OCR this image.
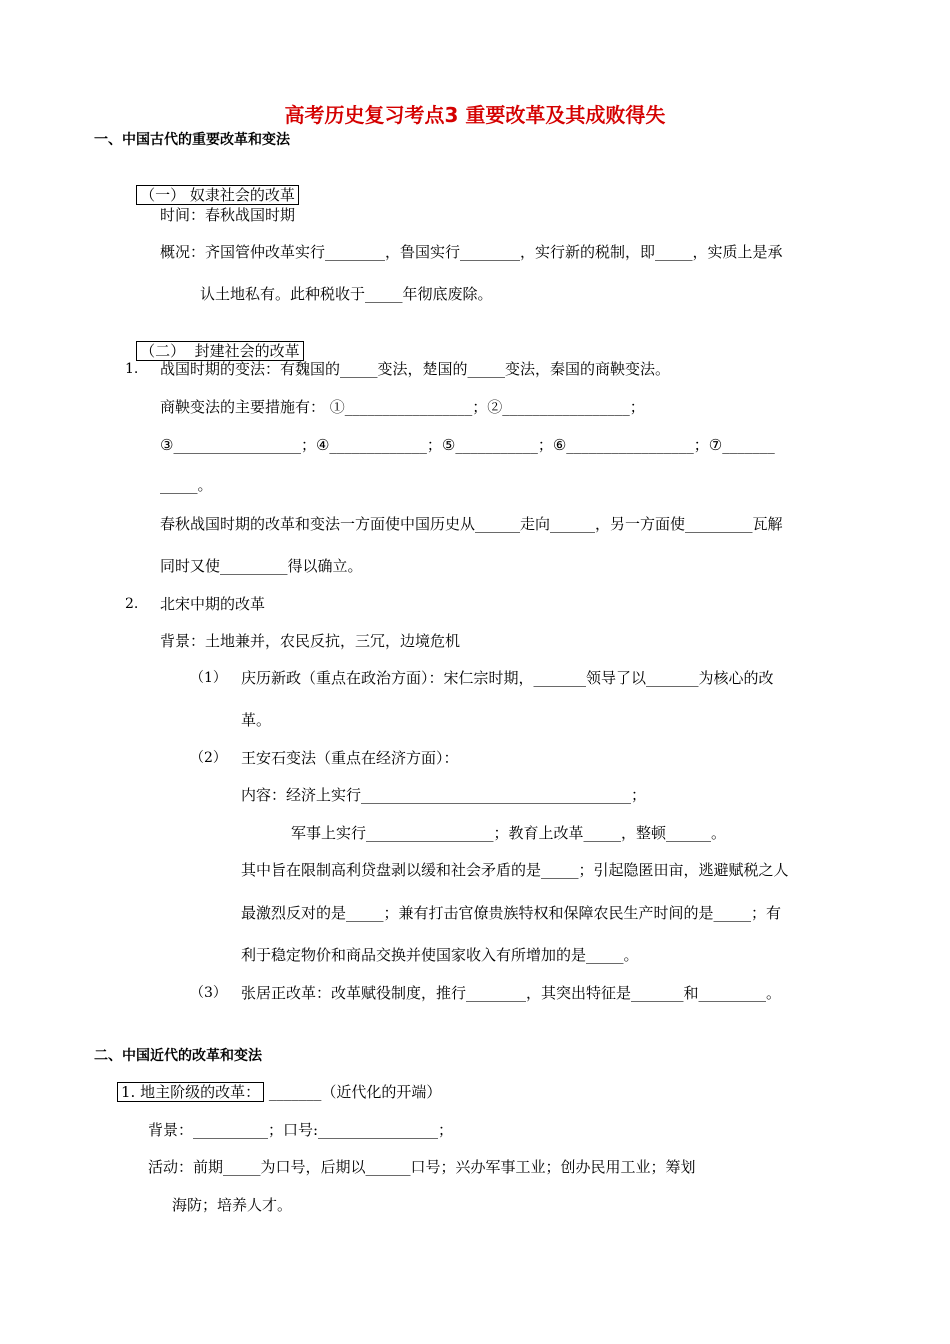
高考历史复习考点3 重要改革及其成败得失
一、中国古代的重要改革和变法

（一） 奴隶社会的改革

时间：春秋战国时期
概况：齐国管仲改革实行________，鲁国实行________，实行新的税制，即_____，实质上是承
认土地私有。此种税收于_____年彻底废除。

（二）  封建社会的改革

1. 战国时期的变法：有魏国的_____变法，楚国的_____变法，秦国的商鞅变法。
商鞅变法的主要措施有： ①_________________；②_________________；
③_________________；④_____________；⑤___________；⑥_________________；⑦_______
_____。
春秋战国时期的改革和变法一方面使中国历史从______走向______，另一方面使_________瓦解
同时又使_________得以确立。
2. 北宋中期的改革
背景：土地兼并，农民反抗，三冗，边境危机
（1） 庆历新政（重点在政治方面）：宋仁宗时期，_______领导了以_______为核心的改
革。
（2） 王安石变法（重点在经济方面）：
内容：经济上实行____________________________________；
军事上实行_________________；教育上改革_____，整顿______。
其中旨在限制高利贷盘剥以缓和社会矛盾的是_____；引起隐匿田亩，逃避赋税之人
最激烈反对的是_____；兼有打击官僚贵族特权和保障农民生产时间的是_____；有
利于稳定物价和商品交换并使国家收入有所增加的是_____。
（3） 张居正改革：改革赋役制度，推行________，其突出特征是_______和_________。
二、中国近代的改革和变法
1. 地主阶级的改革： _______（近代化的开端）
背景：__________；口号:________________；
活动：前期_____为口号，后期以______口号；兴办军事工业；创办民用工业；筹划
海防；培养人才。
